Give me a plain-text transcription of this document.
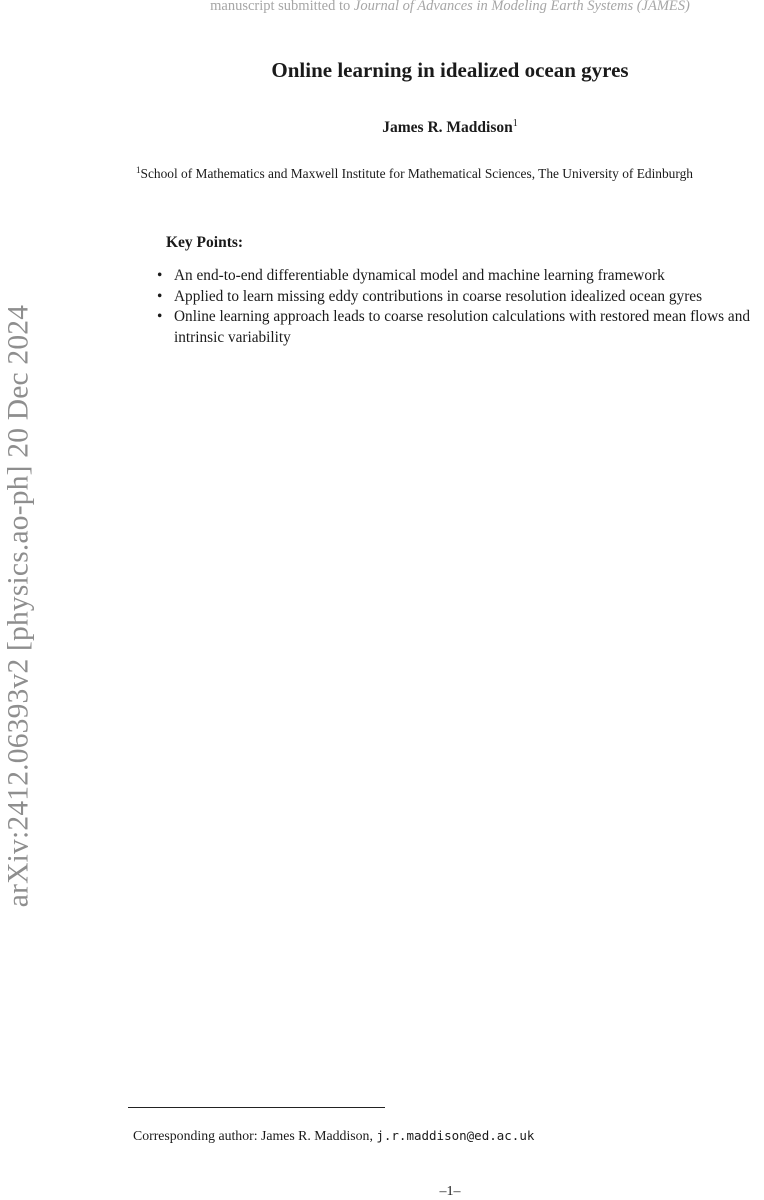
manuscript submitted to Journal of Advances in Modeling Earth Systems (JAMES)
arXiv:2412.06393v2 [physics.ao-ph] 20 Dec 2024
Online learning in idealized ocean gyres
James R. Maddison$^1$
$^1$School of Mathematics and Maxwell Institute for Mathematical Sciences, The University of Edinburgh
Key Points:
• An end-to-end differentiable dynamical model and machine learning framework
• Applied to learn missing eddy contributions in coarse resolution idealized ocean gyres
• Online learning approach leads to coarse resolution calculations with restored mean flows and intrinsic variability
Corresponding author: James R. Maddison, j.r.maddison@ed.ac.uk
–1–
